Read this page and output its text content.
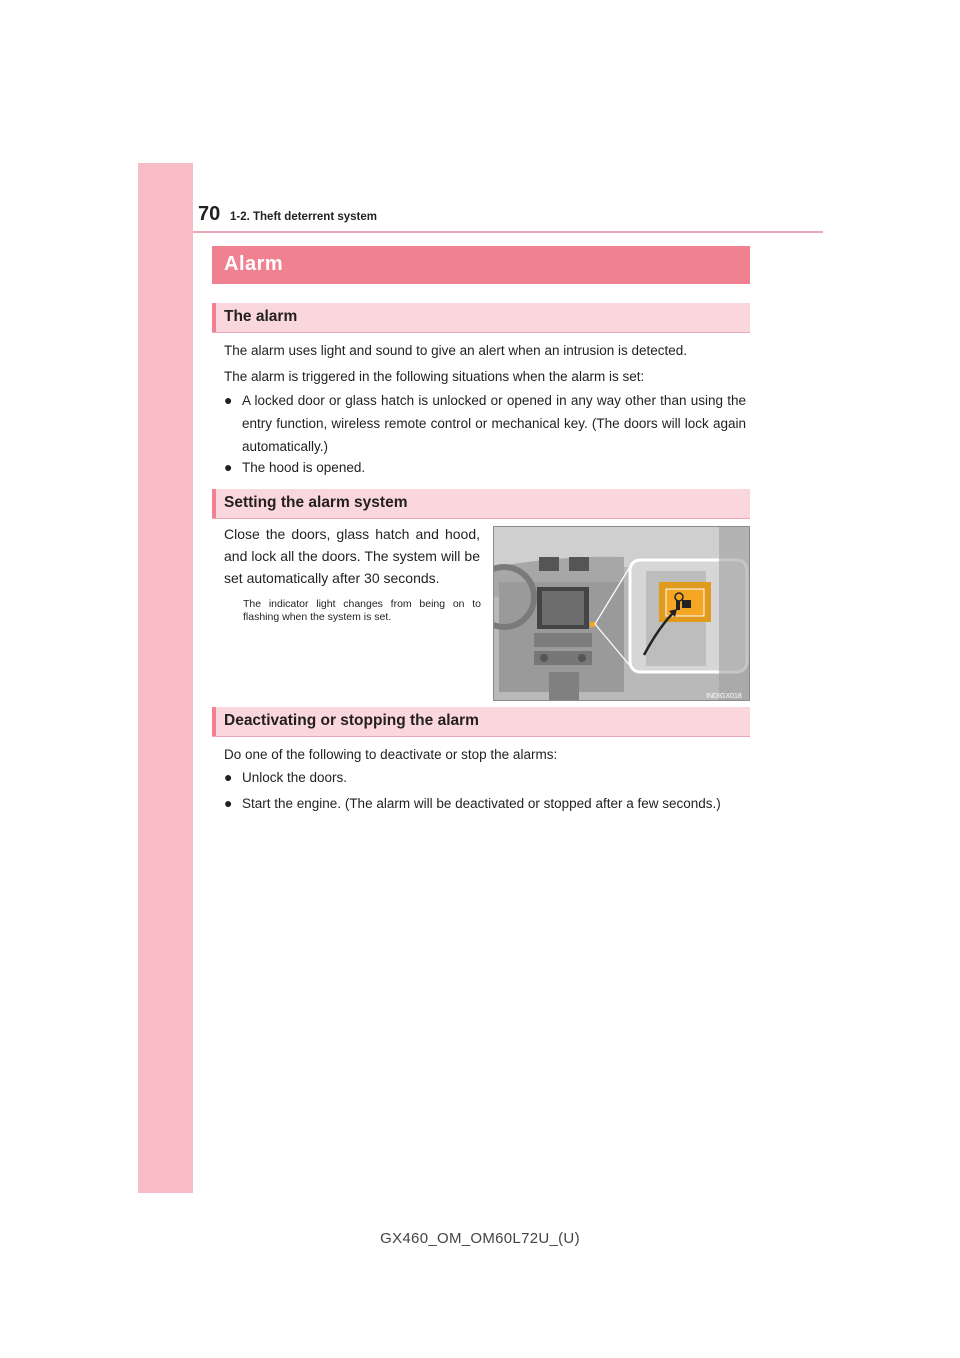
70 1-2. Theft deterrent system
Alarm
The alarm
The alarm uses light and sound to give an alert when an intrusion is detected.
The alarm is triggered in the following situations when the alarm is set:
● A locked door or glass hatch is unlocked or opened in any way other than using the entry function, wireless remote control or mechanical key. (The doors will lock again automatically.)
● The hood is opened.
Setting the alarm system
Close the doors, glass hatch and hood, and lock all the doors. The system will be set automatically after 30 seconds.
The indicator light changes from being on to flashing when the system is set.
INDIGX018
Deactivating or stopping the alarm
Do one of the following to deactivate or stop the alarms:
● Unlock the doors.
● Start the engine. (The alarm will be deactivated or stopped after a few seconds.)
GX460_OM_OM60L72U_(U)
